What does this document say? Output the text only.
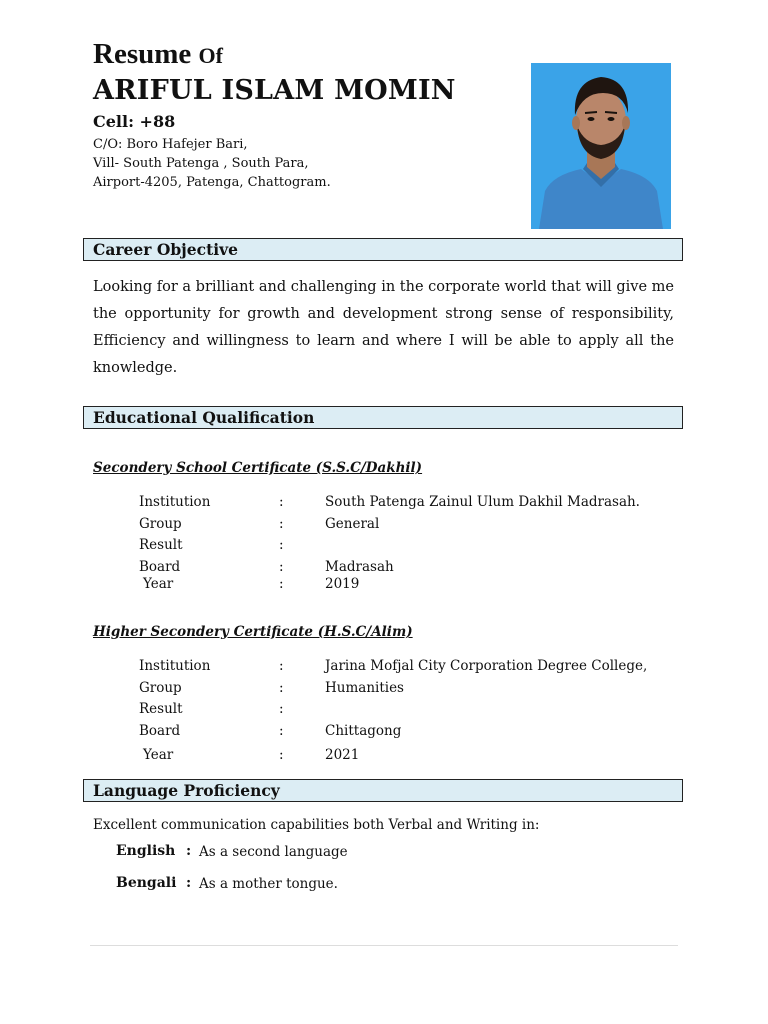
Resume Of
ARIFUL ISLAM MOMIN
Cell: +88
C/O: Boro Hafejer Bari,
Vill- South Patenga , South Para,
Airport-4205, Patenga, Chattogram.
Career Objective
Looking for a brilliant and challenging in the corporate world that will give me the opportunity for growth and development strong sense of responsibility, Efficiency and willingness to learn and where I will be able to apply all the knowledge.
Educational Qualification
Secondery School Certificate (S.S.C/Dakhil)
Institution	:	South Patenga Zainul Ulum Dakhil Madrasah.
Group	:	General
Result	:
Board	:	Madrasah
Year	:	2019
Higher Secondery Certificate (H.S.C/Alim)
Institution	:	Jarina Mofjal City Corporation Degree College,
Group	:	Humanities
Result	:
Board	:	Chittagong
Year	:	2021
Language Proficiency
Excellent communication capabilities both Verbal and Writing in:
English : As a second language
Bengali : As a mother tongue.
